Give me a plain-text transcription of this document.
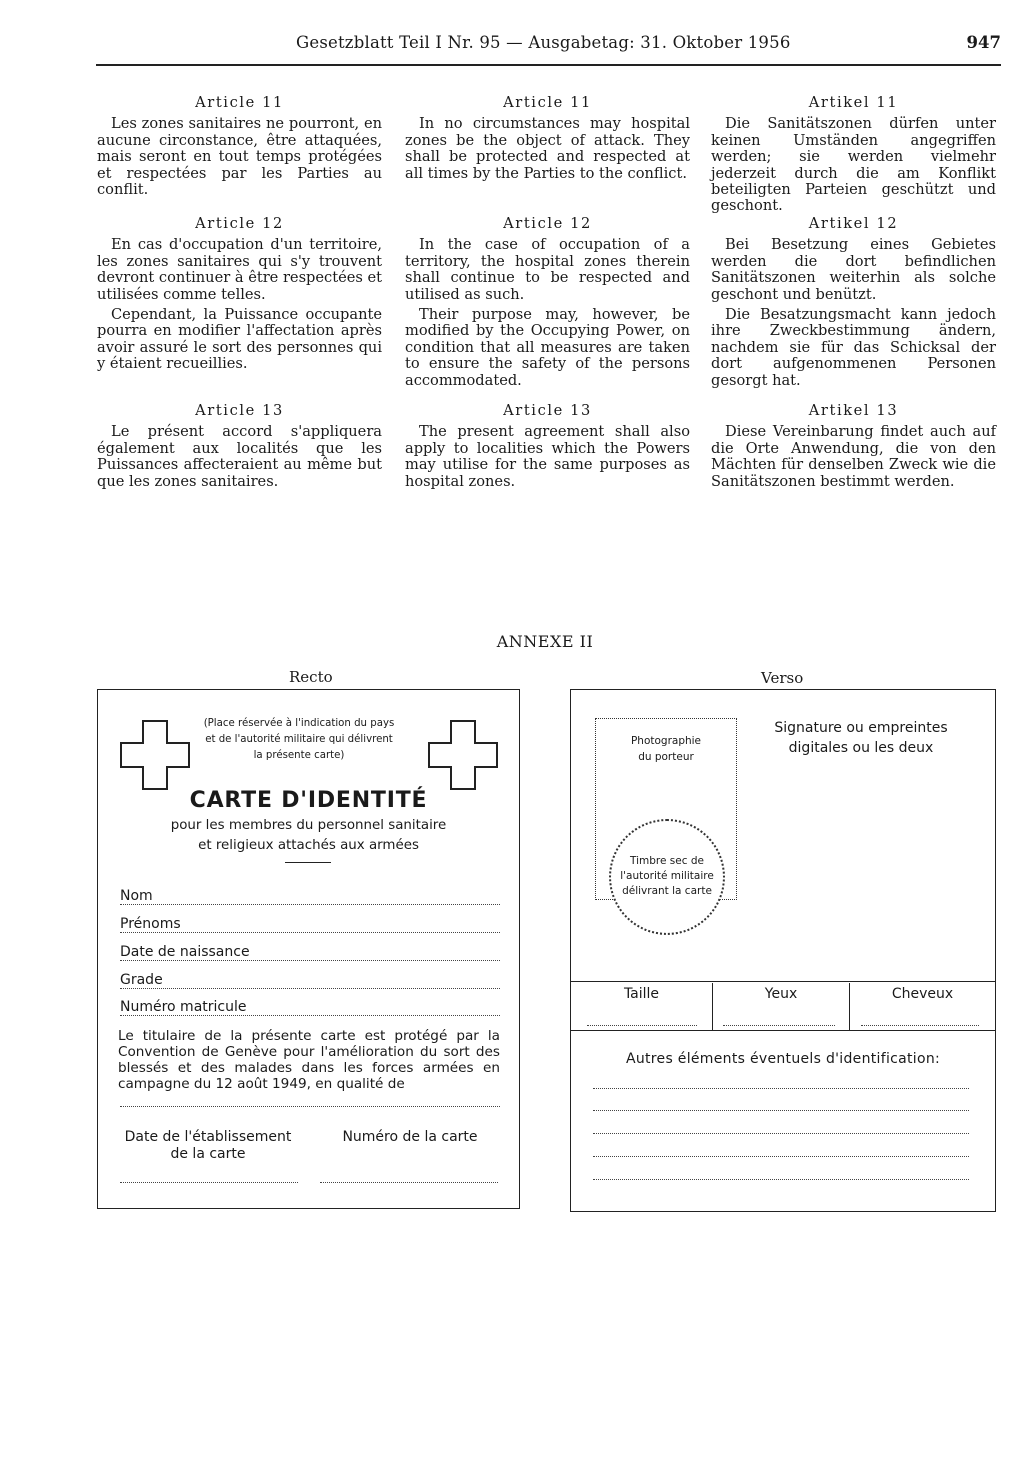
Gesetzblatt Teil I Nr. 95 — Ausgabetag: 31. Oktober 1956	947
Article 11

Les zones sanitaires ne pourront, en aucune circonstance, être attaquées, mais seront en tout temps protégées et respectées par les Parties au conflit.

Article 12

En cas d'occupation d'un territoire, les zones sanitaires qui s'y trouvent devront continuer à être respectées et utilisées comme telles.

Cependant, la Puissance occupante pourra en modifier l'affectation après avoir assuré le sort des personnes qui y étaient recueillies.

Article 13

Le présent accord s'appliquera également aux localités que les Puissances affecteraient au même but que les zones sanitaires.

Article 11

In no circumstances may hospital zones be the object of attack. They shall be protected and respected at all times by the Parties to the conflict.

Article 12

In the case of occupation of a territory, the hospital zones therein shall continue to be respected and utilised as such.

Their purpose may, however, be modified by the Occupying Power, on condition that all measures are taken to ensure the safety of the persons accommodated.

Article 13

The present agreement shall also apply to localities which the Powers may utilise for the same purposes as hospital zones.

Artikel 11

Die Sanitätszonen dürfen unter keinen Umständen angegriffen werden; sie werden vielmehr jederzeit durch die am Konflikt beteiligten Parteien geschützt und geschont.

Artikel 12

Bei Besetzung eines Gebietes werden die dort befindlichen Sanitätszonen weiterhin als solche geschont und benützt.

Die Besatzungsmacht kann jedoch ihre Zweckbestimmung ändern, nachdem sie für das Schicksal der dort aufgenommenen Personen gesorgt hat.

Artikel 13

Diese Vereinbarung findet auch auf die Orte Anwendung, die von den Mächten für denselben Zweck wie die Sanitätszonen bestimmt werden.

ANNEXE II
Recto	Verso
(Place réservée à l'indication du pays et de l'autorité militaire qui délivrent la présente carte)
CARTE D'IDENTITÉ
pour les membres du personnel sanitaire
et religieux attachés aux armées
Nom
Prénoms
Date de naissance
Grade
Numéro matricule
Le titulaire de la présente carte est protégé par la Convention de Genève pour l'amélioration du sort des blessés et des malades dans les forces armées en campagne du 12 août 1949, en qualité de
Date de l'établissement
de la carte
Numéro de la carte
Photographie
du porteur
Timbre sec de
l'autorité militaire
délivrant la carte
Signature ou empreintes
digitales ou les deux
Taille	Yeux	Cheveux
Autres éléments éventuels d'identification:
